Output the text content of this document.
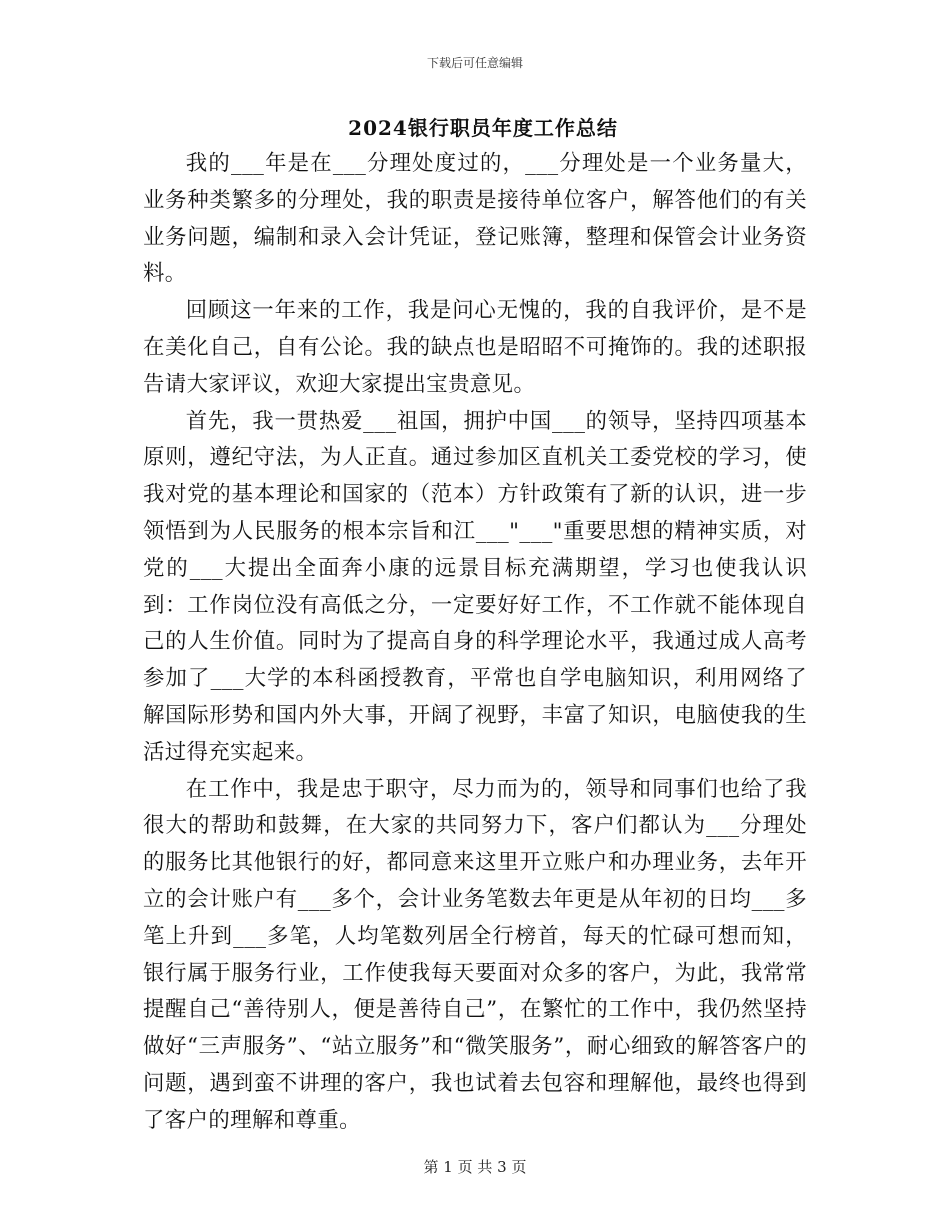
下载后可任意编辑
2024银行职员年度工作总结

我的___年是在___分理处度过的，___分理处是一个业务量大，业务种类繁多的分理处，我的职责是接待单位客户，解答他们的有关业务问题，编制和录入会计凭证，登记账簿，整理和保管会计业务资料。

回顾这一年来的工作，我是问心无愧的，我的自我评价，是不是在美化自己，自有公论。我的缺点也是昭昭不可掩饰的。我的述职报告请大家评议，欢迎大家提出宝贵意见。

首先，我一贯热爱___祖国，拥护中国___的领导，坚持四项基本原则，遵纪守法，为人正直。通过参加区直机关工委党校的学习，使我对党的基本理论和国家的（范本）方针政策有了新的认识，进一步领悟到为人民服务的根本宗旨和江___"___"重要思想的精神实质，对党的___大提出全面奔小康的远景目标充满期望，学习也使我认识到：工作岗位没有高低之分，一定要好好工作，不工作就不能体现自己的人生价值。同时为了提高自身的科学理论水平，我通过成人高考参加了___大学的本科函授教育，平常也自学电脑知识，利用网络了解国际形势和国内外大事，开阔了视野，丰富了知识，电脑使我的生活过得充实起来。

在工作中，我是忠于职守，尽力而为的，领导和同事们也给了我很大的帮助和鼓舞，在大家的共同努力下，客户们都认为___分理处的服务比其他银行的好，都同意来这里开立账户和办理业务，去年开立的会计账户有___多个，会计业务笔数去年更是从年初的日均___多笔上升到___多笔，人均笔数列居全行榜首，每天的忙碌可想而知，银行属于服务行业，工作使我每天要面对众多的客户，为此，我常常提醒自己“善待别人，便是善待自己”，在繁忙的工作中，我仍然坚持做好“三声服务”、“站立服务”和“微笑服务”，耐心细致的解答客户的问题，遇到蛮不讲理的客户，我也试着去包容和理解他，最终也得到了客户的理解和尊重。

第 1 页 共 3 页
